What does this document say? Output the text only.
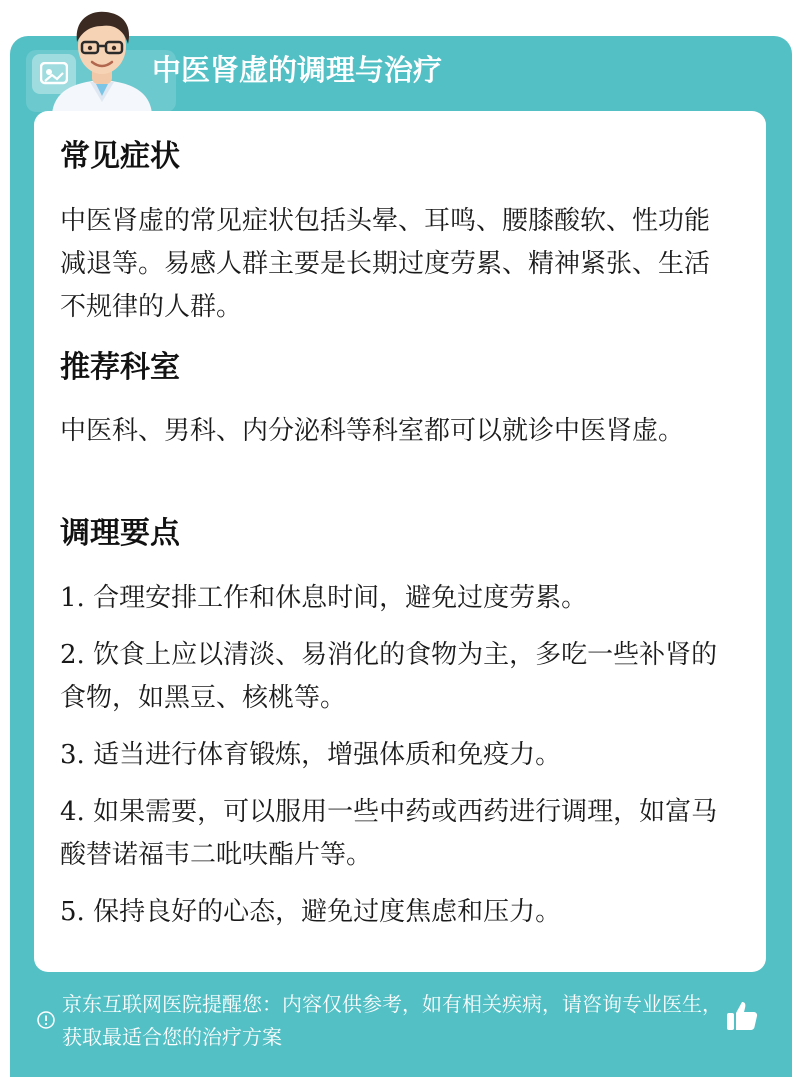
中医肾虚的调理与治疗
常见症状
中医肾虚的常见症状包括头晕、耳鸣、腰膝酸软、性功能减退等。易感人群主要是长期过度劳累、精神紧张、生活不规律的人群。
推荐科室
中医科、男科、内分泌科等科室都可以就诊中医肾虚。
调理要点
1. 合理安排工作和休息时间，避免过度劳累。
2. 饮食上应以清淡、易消化的食物为主，多吃一些补肾的食物，如黑豆、核桃等。
3. 适当进行体育锻炼，增强体质和免疫力。
4. 如果需要，可以服用一些中药或西药进行调理，如富马酸替诺福韦二吡呋酯片等。
5. 保持良好的心态，避免过度焦虑和压力。
京东互联网医院提醒您：内容仅供参考，如有相关疾病，请咨询专业医生，获取最适合您的治疗方案
